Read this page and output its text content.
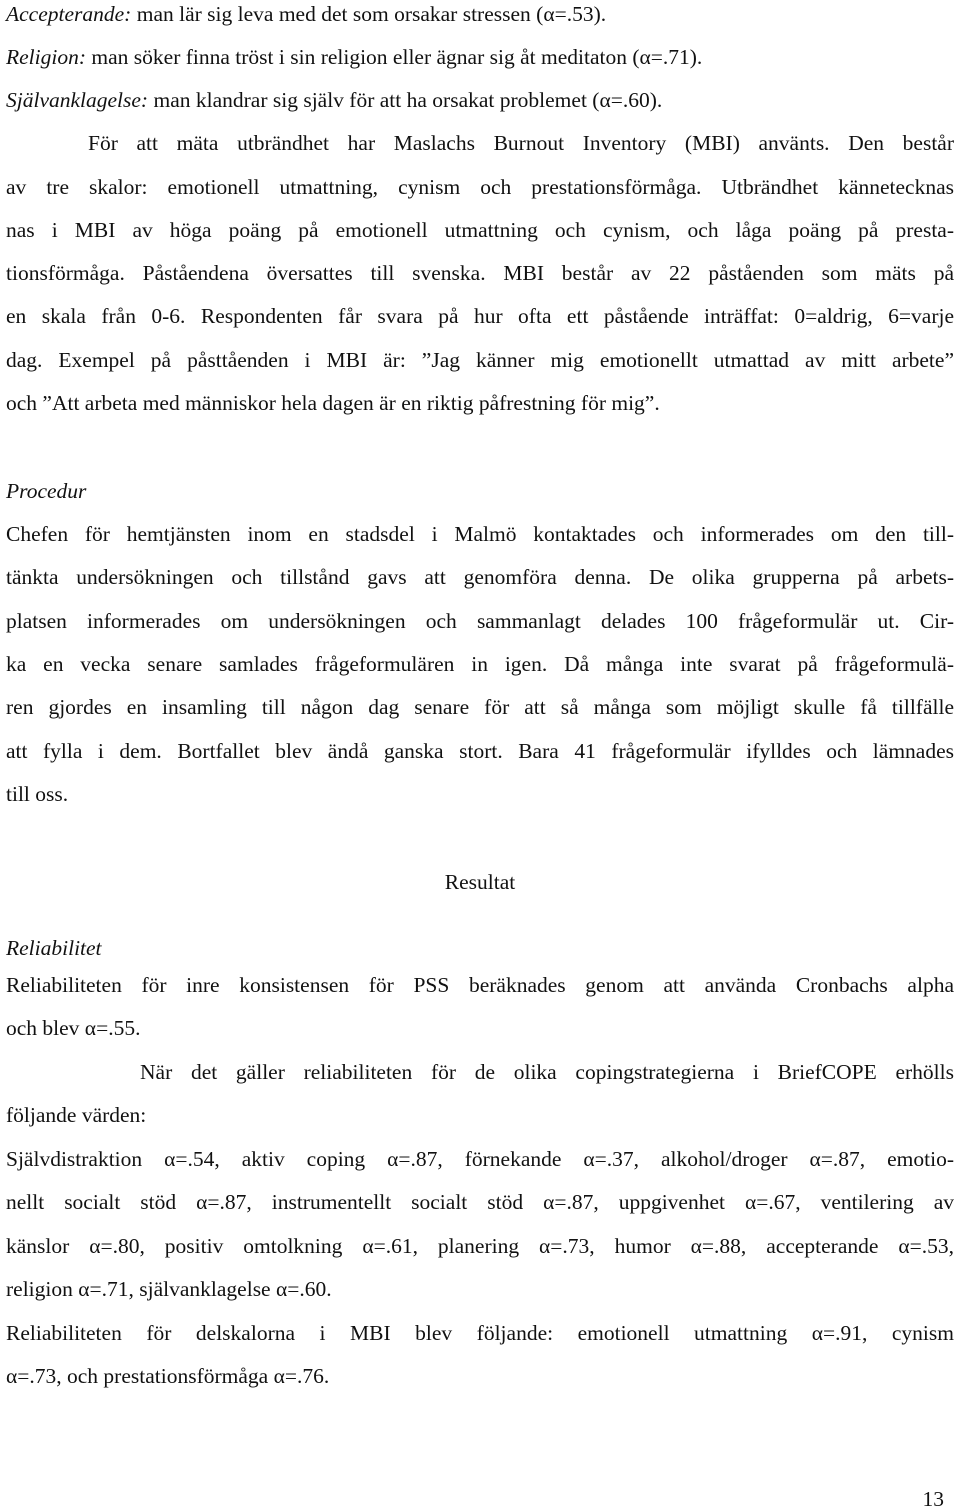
Accepterande: man lär sig leva med det som orsakar stressen (α=.53).
Religion: man söker finna tröst i sin religion eller ägnar sig åt meditaton (α=.71).
Självanklagelse: man klandrar sig själv för att ha orsakat problemet (α=.60).
För att mäta utbrändhet har Maslachs Burnout Inventory (MBI) använts. Den består
av tre skalor: emotionell utmattning, cynism och prestationsförmåga. Utbrändhet kännetecknas
nas i MBI av höga poäng på emotionell utmattning och cynism, och låga poäng på presta-
tionsförmåga. Påståendena översattes till svenska. MBI består av 22 påståenden som mäts på
en skala från 0-6. Respondenten får svara på hur ofta ett påstående inträffat: 0=aldrig, 6=varje
dag. Exempel på påsttåenden i MBI är: ”Jag känner mig emotionellt utmattad av mitt arbete”
och ”Att arbeta med människor hela dagen är en riktig påfrestning för mig”.
Procedur
Chefen för hemtjänsten inom en stadsdel i Malmö kontaktades och informerades om den till-
tänkta undersökningen och tillstånd gavs att genomföra denna. De olika grupperna på arbets-
platsen informerades om undersökningen och sammanlagt delades 100 frågeformulär ut. Cir-
ka en vecka senare samlades frågeformulären in igen. Då många inte svarat på frågeformulä-
ren gjordes en insamling till någon dag senare för att så många som möjligt skulle få tillfälle
att fylla i dem. Bortfallet blev ändå ganska stort. Bara 41 frågeformulär ifylldes och lämnades
till oss.
Resultat
Reliabilitet
Reliabiliteten för inre konsistensen för PSS beräknades genom att använda Cronbachs alpha
och blev α=.55.
När det gäller reliabiliteten för de olika copingstrategierna i BriefCOPE erhölls
följande värden:
Självdistraktion α=.54, aktiv coping α=.87, förnekande α=.37, alkohol/droger α=.87, emotio-
nellt socialt stöd α=.87, instrumentellt socialt stöd α=.87, uppgivenhet α=.67, ventilering av
känslor α=.80, positiv omtolkning α=.61, planering α=.73, humor α=.88, accepterande α=.53,
religion α=.71, självanklagelse α=.60.
Reliabiliteten för delskalorna i MBI blev följande: emotionell utmattning α=.91, cynism
α=.73, och prestationsförmåga α=.76.
13
